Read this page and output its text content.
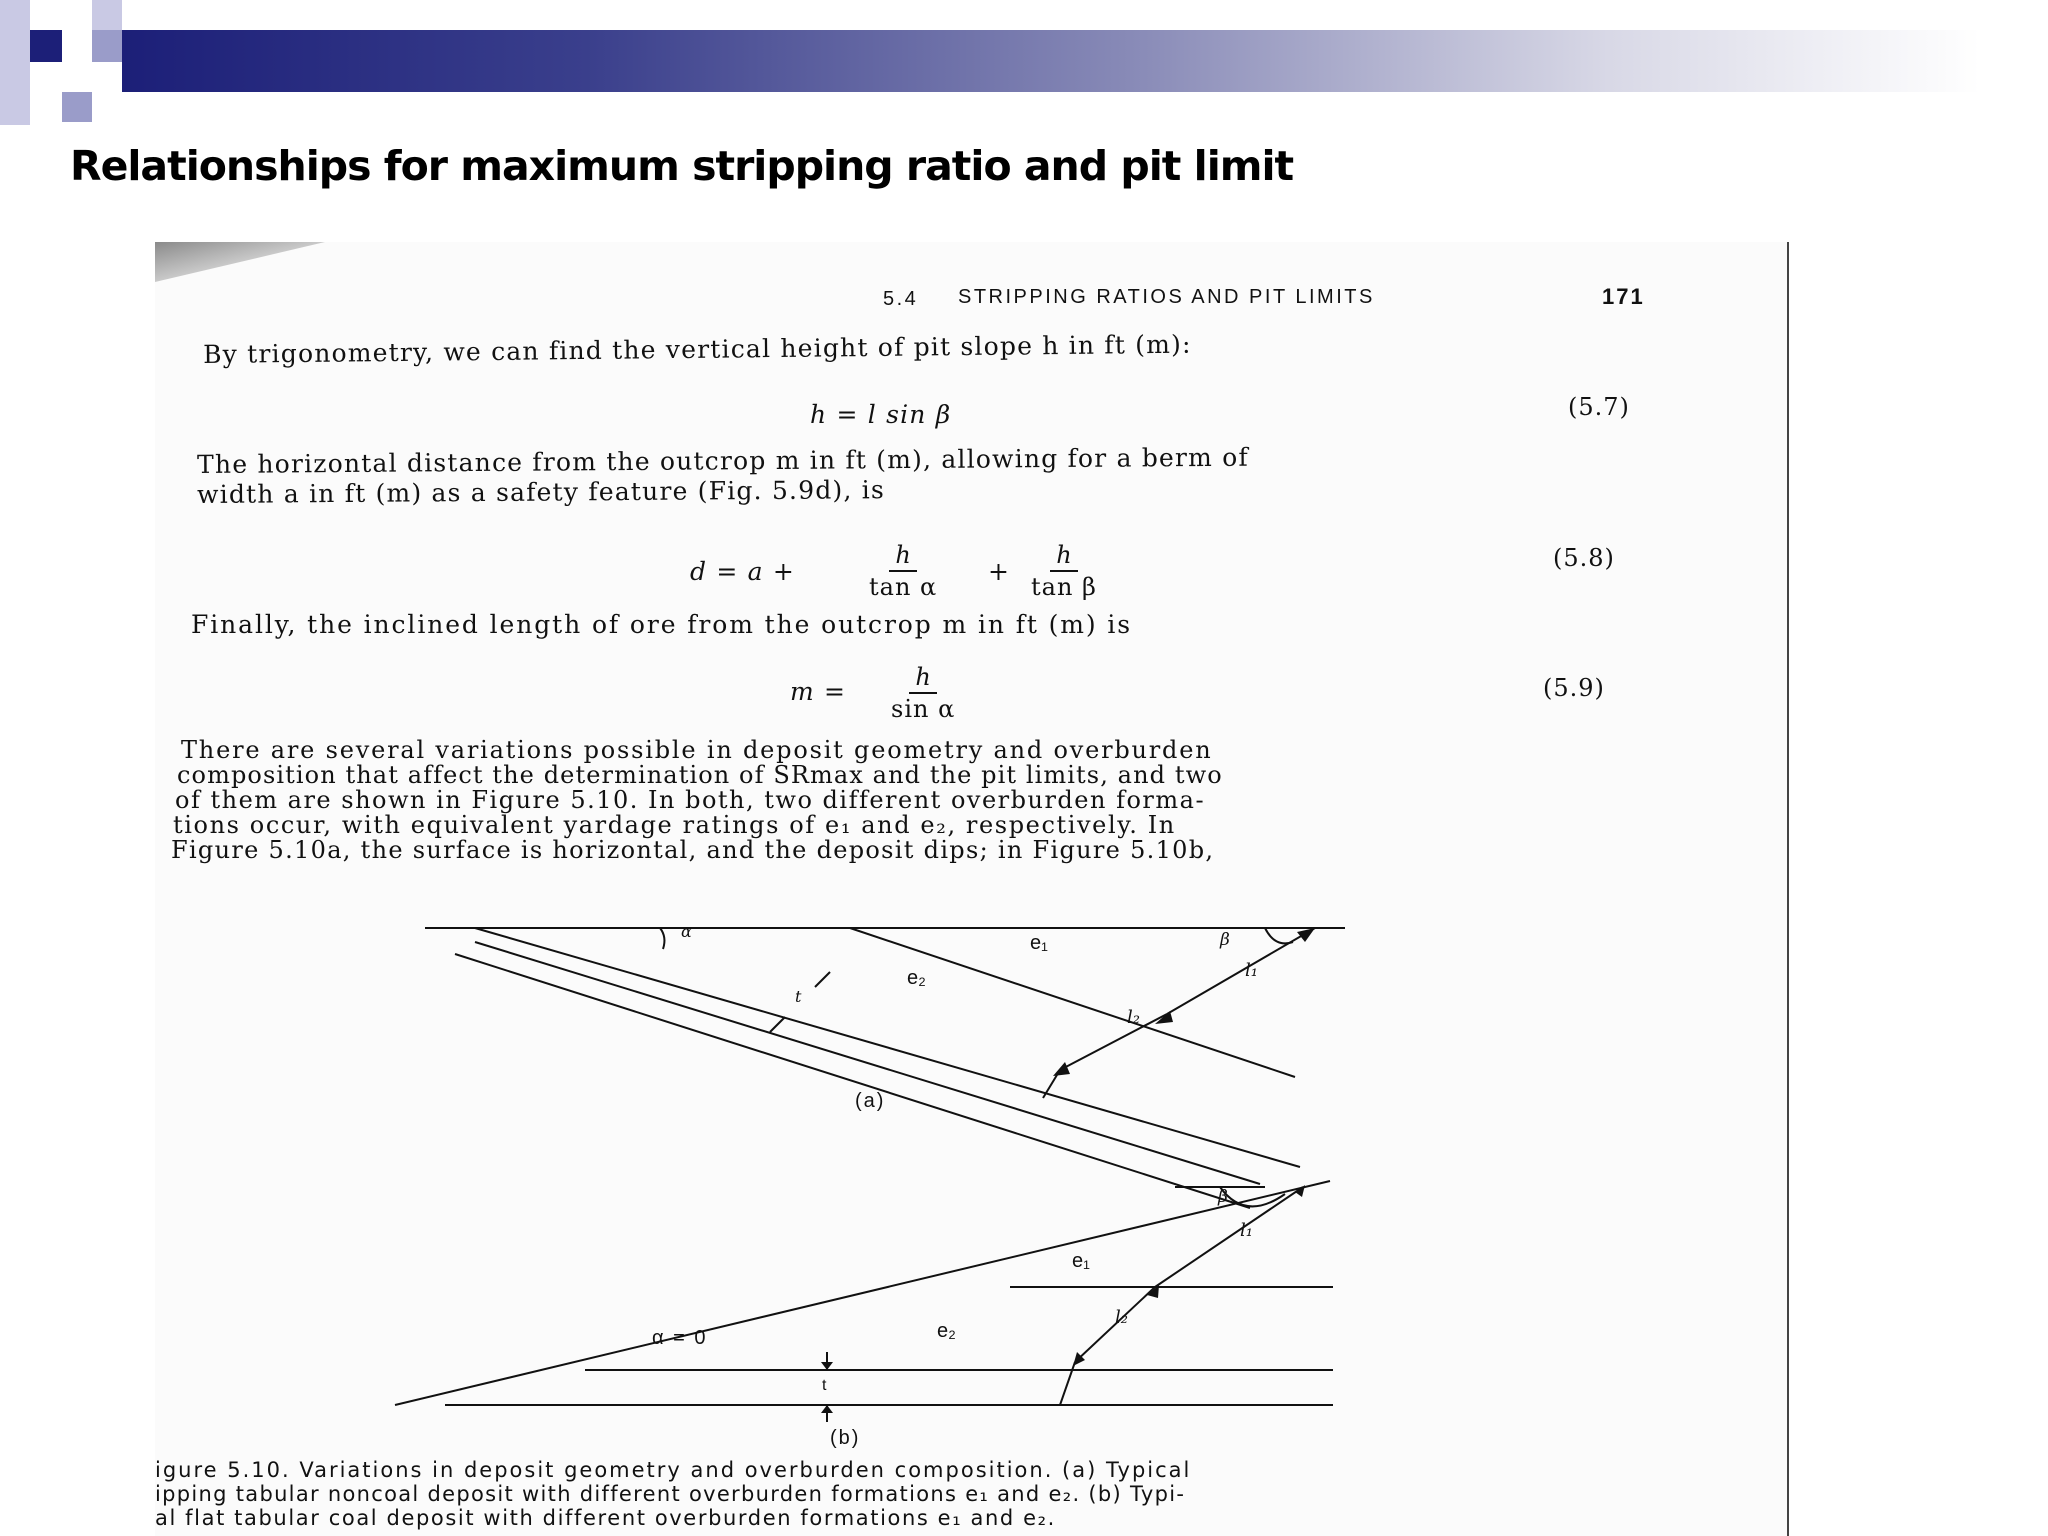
Relationships for maximum stripping ratio and pit limit
5.4 STRIPPING RATIOS AND PIT LIMITS	171
By trigonometry, we can find the vertical height of pit slope h in ft (m):
h = l sin β	(5.7)
The horizontal distance from the outcrop m in ft (m), allowing for a berm of
width a in ft (m) as a safety feature (Fig. 5.9d), is
d = a +	$\frac{h}{\text{tan α}} + \frac{h}{\text{tan β}}$	(5.8)
Finally, the inclined length of ore from the outcrop m in ft (m) is
$m = \frac{h}{\text{sin α}}$	(5.9)
There are several variations possible in deposit geometry and overburden
composition that affect the determination of SRmax and the pit limits, and two
of them are shown in Figure 5.10. In both, two different overburden forma-
tions occur, with equivalent yardage ratings of e₁ and e₂, respectively. In
Figure 5.10a, the surface is horizontal, and the deposit dips; in Figure 5.10b,
α
e₁
e₂
β
l₁
l₂
t
(a)
β
l₁
e₁
l₂
e₂
α = 0
t
(b)
igure 5.10. Variations in deposit geometry and overburden composition. (a) Typical
ipping tabular noncoal deposit with different overburden formations e₁ and e₂. (b) Typi-
al flat tabular coal deposit with different overburden formations e₁ and e₂.
